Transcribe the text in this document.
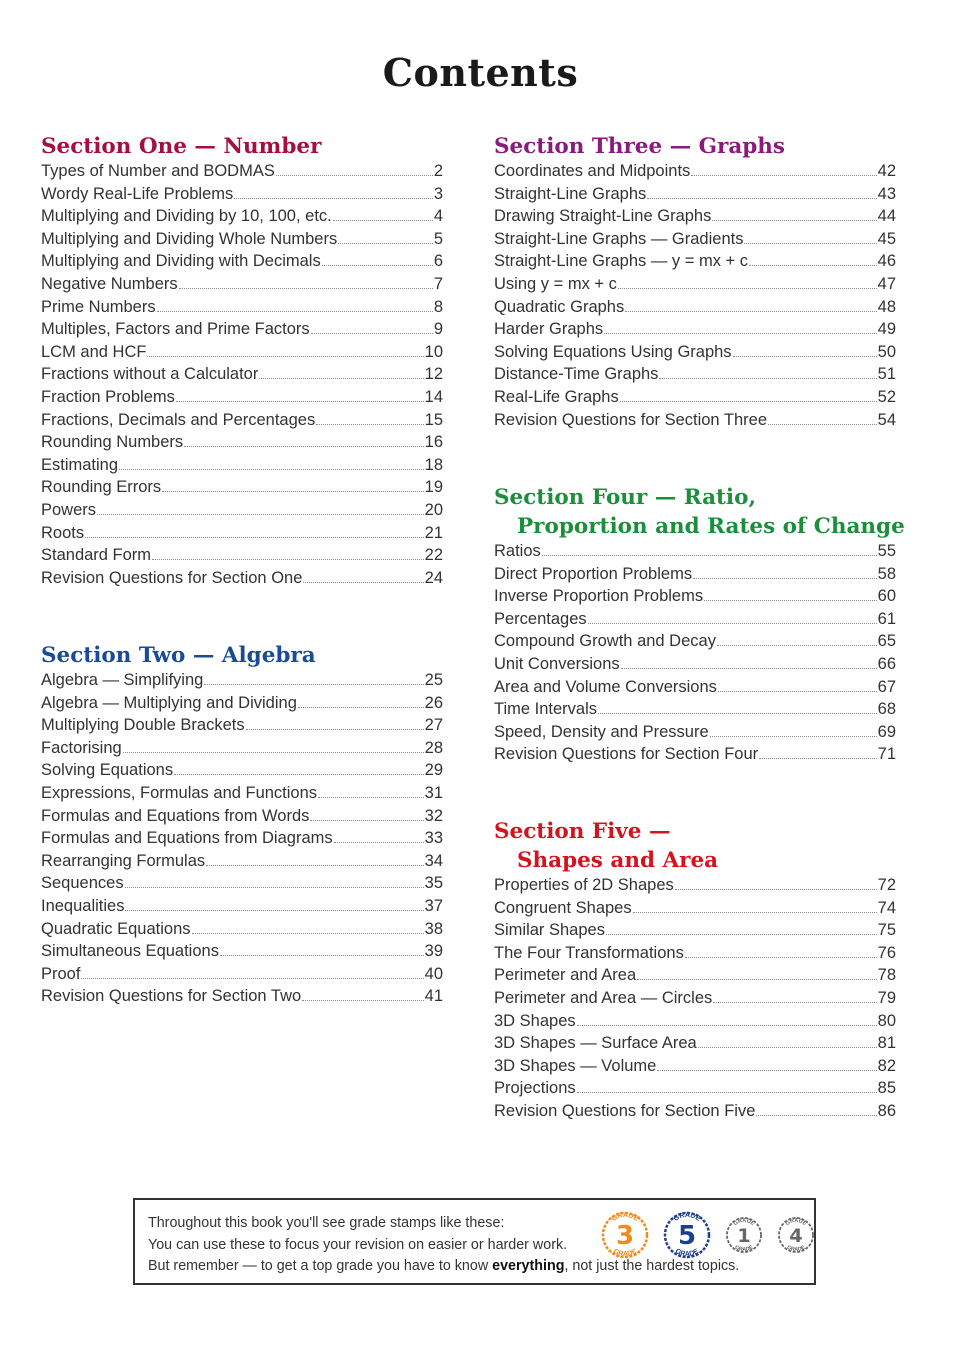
Contents
Section One — Number
Types of Number and BODMAS	2
Wordy Real-Life Problems	3
Multiplying and Dividing by 10, 100, etc.	4
Multiplying and Dividing Whole Numbers	5
Multiplying and Dividing with Decimals	6
Negative Numbers	7
Prime Numbers	8
Multiples, Factors and Prime Factors	9
LCM and HCF	10
Fractions without a Calculator	12
Fraction Problems	14
Fractions, Decimals and Percentages	15
Rounding Numbers	16
Estimating	18
Rounding Errors	19
Powers	20
Roots	21
Standard Form	22
Revision Questions for Section One	24
Section Two — Algebra
Algebra — Simplifying	25
Algebra — Multiplying and Dividing	26
Multiplying Double Brackets	27
Factorising	28
Solving Equations	29
Expressions, Formulas and Functions	31
Formulas and Equations from Words	32
Formulas and Equations from Diagrams	33
Rearranging Formulas	34
Sequences	35
Inequalities	37
Quadratic Equations	38
Simultaneous Equations	39
Proof	40
Revision Questions for Section Two	41
Section Three — Graphs
Coordinates and Midpoints	42
Straight-Line Graphs	43
Drawing Straight-Line Graphs	44
Straight-Line Graphs — Gradients	45
Straight-Line Graphs — y = mx + c	46
Using y = mx + c	47
Quadratic Graphs	48
Harder Graphs	49
Solving Equations Using Graphs	50
Distance-Time Graphs	51
Real-Life Graphs	52
Revision Questions for Section Three	54
Section Four — Ratio,
Proportion and Rates of Change
Ratios	55
Direct Proportion Problems	58
Inverse Proportion Problems	60
Percentages	61
Compound Growth and Decay	65
Unit Conversions	66
Area and Volume Conversions	67
Time Intervals	68
Speed, Density and Pressure	69
Revision Questions for Section Four	71
Section Five —
Shapes and Area
Properties of 2D Shapes	72
Congruent Shapes	74
Similar Shapes	75
The Four Transformations	76
Perimeter and Area	78
Perimeter and Area — Circles	79
3D Shapes	80
3D Shapes — Surface Area	81
3D Shapes — Volume	82
Projections	85
Revision Questions for Section Five	86
Throughout this book you'll see grade stamps like these:
You can use these to focus your revision on easier or harder work.
But remember — to get a top grade you have to know everything, not just the hardest topics.
GRADE
GRADE
3
GRADE
GRADE
5	GRADE
GRADE
1
GRADE
GRADE
4
